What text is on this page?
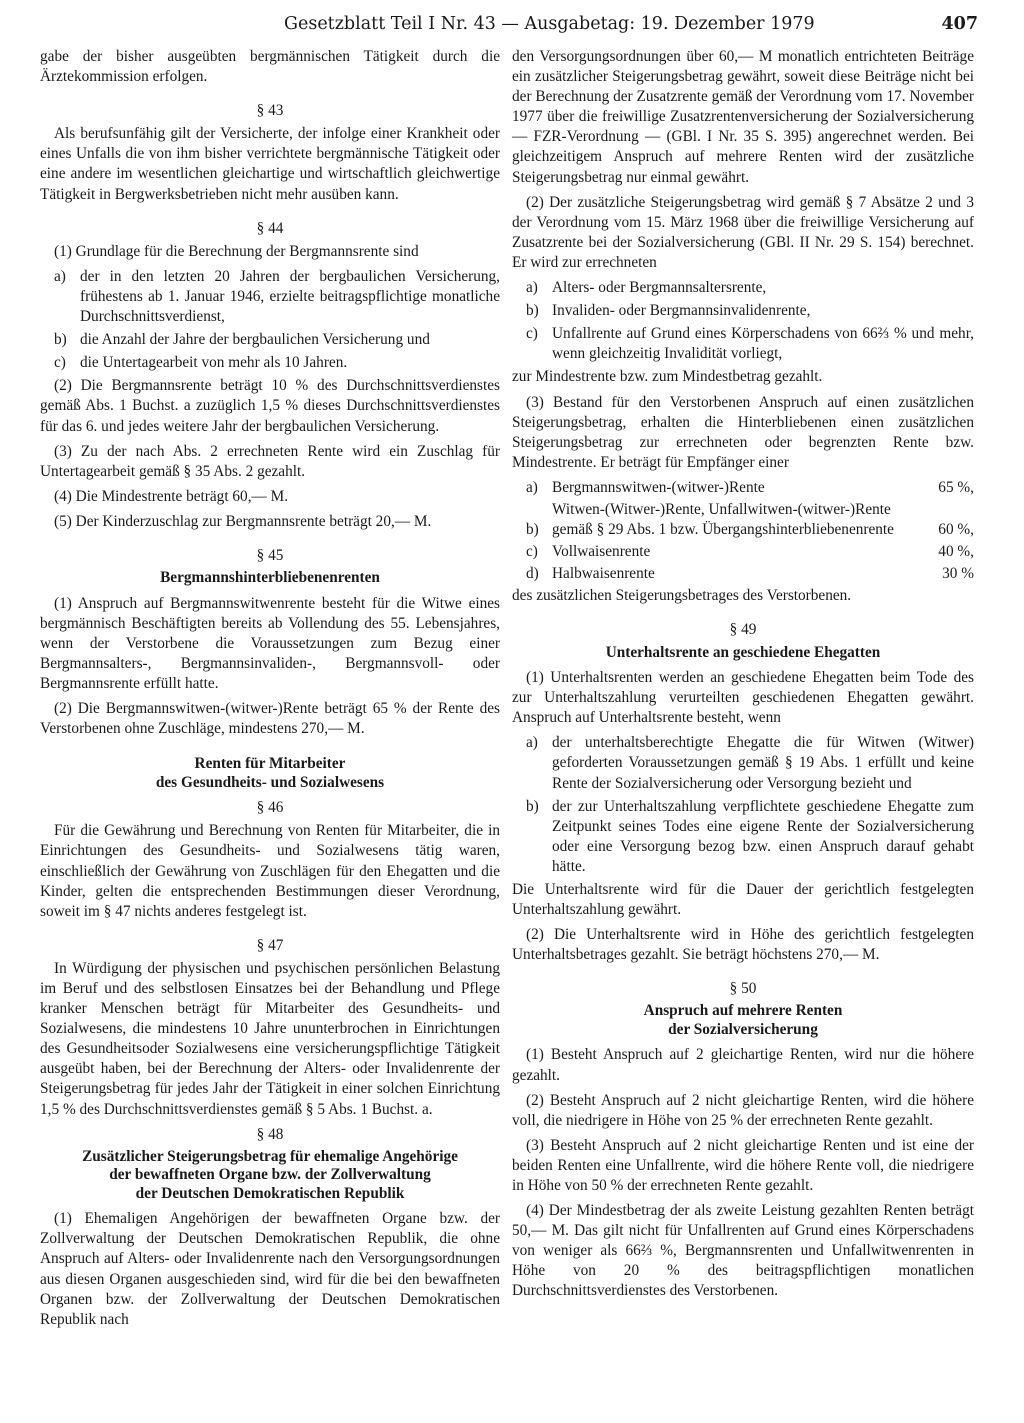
Gesetzblatt Teil I Nr. 43 — Ausgabetag: 19. Dezember 1979	407

gabe der bisher ausgeübten bergmännischen Tätigkeit durch die Ärztekommission erfolgen.

§ 43

Als berufsunfähig gilt der Versicherte, der infolge einer Krankheit oder eines Unfalls die von ihm bisher verrichtete bergmännische Tätigkeit oder eine andere im wesentlichen gleichartige und wirtschaftlich gleichwertige Tätigkeit in Bergwerksbetrieben nicht mehr ausüben kann.

§ 44

(1) Grundlage für die Berechnung der Bergmannsrente sind

a) der in den letzten 20 Jahren der bergbaulichen Versicherung, frühestens ab 1. Januar 1946, erzielte beitragspflichtige monatliche Durchschnittsverdienst,
b) die Anzahl der Jahre der bergbaulichen Versicherung und
c) die Untertagearbeit von mehr als 10 Jahren.

(2) Die Bergmannsrente beträgt 10 % des Durchschnittsverdienstes gemäß Abs. 1 Buchst. a zuzüglich 1,5 % dieses Durchschnittsverdienstes für das 6. und jedes weitere Jahr der bergbaulichen Versicherung.

(3) Zu der nach Abs. 2 errechneten Rente wird ein Zuschlag für Untertagearbeit gemäß § 35 Abs. 2 gezahlt.

(4) Die Mindestrente beträgt 60,— M.

(5) Der Kinderzuschlag zur Bergmannsrente beträgt 20,— M.

§ 45
Bergmannshinterbliebenenrenten

(1) Anspruch auf Bergmannswitwenrente besteht für die Witwe eines bergmännisch Beschäftigten bereits ab Vollendung des 55. Lebensjahres, wenn der Verstorbene die Voraussetzungen zum Bezug einer Bergmannsalters-, Bergmannsinvaliden-, Bergmannsvoll- oder Bergmannsrente erfüllt hatte.

(2) Die Bergmannswitwen-(witwer-)Rente beträgt 65 % der Rente des Verstorbenen ohne Zuschläge, mindestens 270,— M.

Renten für Mitarbeiter
des Gesundheits- und Sozialwesens
§ 46

Für die Gewährung und Berechnung von Renten für Mitarbeiter, die in Einrichtungen des Gesundheits- und Sozialwesens tätig waren, einschließlich der Gewährung von Zuschlägen für den Ehegatten und die Kinder, gelten die entsprechenden Bestimmungen dieser Verordnung, soweit im § 47 nichts anderes festgelegt ist.

§ 47

In Würdigung der physischen und psychischen persönlichen Belastung im Beruf und des selbstlosen Einsatzes bei der Behandlung und Pflege kranker Menschen beträgt für Mitarbeiter des Gesundheits- und Sozialwesens, die mindestens 10 Jahre ununterbrochen in Einrichtungen des Gesundheitsoder Sozialwesens eine versicherungspflichtige Tätigkeit ausgeübt haben, bei der Berechnung der Alters- oder Invalidenrente der Steigerungsbetrag für jedes Jahr der Tätigkeit in einer solchen Einrichtung 1,5 % des Durchschnittsverdienstes gemäß § 5 Abs. 1 Buchst. a.

§ 48
Zusätzlicher Steigerungsbetrag für ehemalige Angehörige
der bewaffneten Organe bzw. der Zollverwaltung
der Deutschen Demokratischen Republik

(1) Ehemaligen Angehörigen der bewaffneten Organe bzw. der Zollverwaltung der Deutschen Demokratischen Republik, die ohne Anspruch auf Alters- oder Invalidenrente nach den Versorgungsordnungen aus diesen Organen ausgeschieden sind, wird für die bei den bewaffneten Organen bzw. der Zollverwaltung der Deutschen Demokratischen Republik nach

den Versorgungsordnungen über 60,— M monatlich entrichteten Beiträge ein zusätzlicher Steigerungsbetrag gewährt, soweit diese Beiträge nicht bei der Berechnung der Zusatzrente gemäß der Verordnung vom 17. November 1977 über die freiwillige Zusatzrentenversicherung der Sozialversicherung — FZR-Verordnung — (GBl. I Nr. 35 S. 395) angerechnet werden. Bei gleichzeitigem Anspruch auf mehrere Renten wird der zusätzliche Steigerungsbetrag nur einmal gewährt.

(2) Der zusätzliche Steigerungsbetrag wird gemäß § 7 Absätze 2 und 3 der Verordnung vom 15. März 1968 über die freiwillige Versicherung auf Zusatzrente bei der Sozialversicherung (GBl. II Nr. 29 S. 154) berechnet. Er wird zur errechneten

a) Alters- oder Bergmannsaltersrente,
b) Invaliden- oder Bergmannsinvalidenrente,
c) Unfallrente auf Grund eines Körperschadens von 66⅔ % und mehr, wenn gleichzeitig Invalidität vorliegt,

zur Mindestrente bzw. zum Mindestbetrag gezahlt.

(3) Bestand für den Verstorbenen Anspruch auf einen zusätzlichen Steigerungsbetrag, erhalten die Hinterbliebenen einen zusätzlichen Steigerungsbetrag zur errechneten oder begrenzten Rente bzw. Mindestrente. Er beträgt für Empfänger einer

a) Bergmannswitwen-(witwer-)Rente	65 %,
b)
Witwen-(Witwer-)Rente, Unfallwitwen-(witwer-)Rente gemäß § 29 Abs. 1 bzw. Übergangshinterbliebenenrente	60 %,
c) Vollwaisenrente	40 %,
d) Halbwaisenrente	30 %

des zusätzlichen Steigerungsbetrages des Verstorbenen.

§ 49
Unterhaltsrente an geschiedene Ehegatten

(1) Unterhaltsrenten werden an geschiedene Ehegatten beim Tode des zur Unterhaltszahlung verurteilten geschiedenen Ehegatten gewährt. Anspruch auf Unterhaltsrente besteht, wenn

a) der unterhaltsberechtigte Ehegatte die für Witwen (Witwer) geforderten Voraussetzungen gemäß § 19 Abs. 1 erfüllt und keine Rente der Sozialversicherung oder Versorgung bezieht und
b) der zur Unterhaltszahlung verpflichtete geschiedene Ehegatte zum Zeitpunkt seines Todes eine eigene Rente der Sozialversicherung oder eine Versorgung bezog bzw. einen Anspruch darauf gehabt hätte.

Die Unterhaltsrente wird für die Dauer der gerichtlich festgelegten Unterhaltszahlung gewährt.

(2) Die Unterhaltsrente wird in Höhe des gerichtlich festgelegten Unterhaltsbetrages gezahlt. Sie beträgt höchstens 270,— M.

§ 50
Anspruch auf mehrere Renten
der Sozialversicherung

(1) Besteht Anspruch auf 2 gleichartige Renten, wird nur die höhere gezahlt.

(2) Besteht Anspruch auf 2 nicht gleichartige Renten, wird die höhere voll, die niedrigere in Höhe von 25 % der errechneten Rente gezahlt.

(3) Besteht Anspruch auf 2 nicht gleichartige Renten und ist eine der beiden Renten eine Unfallrente, wird die höhere Rente voll, die niedrigere in Höhe von 50 % der errechneten Rente gezahlt.

(4) Der Mindestbetrag der als zweite Leistung gezahlten Renten beträgt 50,— M. Das gilt nicht für Unfallrenten auf Grund eines Körperschadens von weniger als 66⅔ %, Bergmannsrenten und Unfallwitwenrenten in Höhe von 20 % des beitragspflichtigen monatlichen Durchschnittsverdienstes des Verstorbenen.
